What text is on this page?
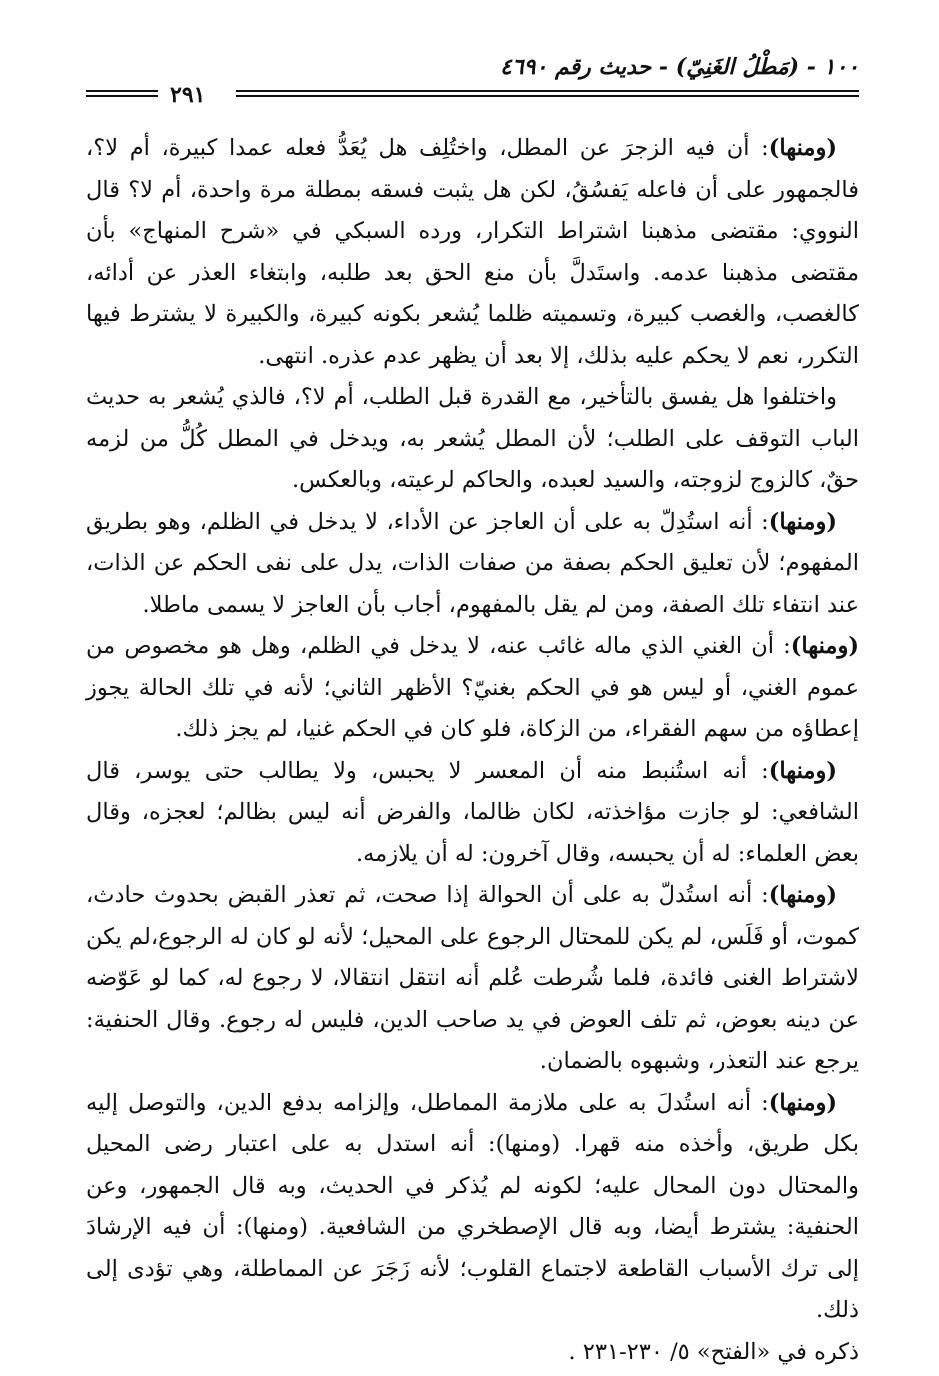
١٠٠ - (مَطْلُ الغَنِيّ) - حديث رقم ٤٦٩٠
٢٩١

(ومنها): أن فيه الزجرَ عن المطل، واختُلِف هل يُعَدُّ فعله عمدا كبيرة، أم لا؟، فالجمهور على أن فاعله يَفسُقُ، لكن هل يثبت فسقه بمطلة مرة واحدة، أم لا؟ قال النووي: مقتضى مذهبنا اشتراط التكرار، ورده السبكي في «شرح المنهاج» بأن مقتضى مذهبنا عدمه. واستَدلَّ بأن منع الحق بعد طلبه، وابتغاء العذر عن أدائه، كالغصب، والغصب كبيرة، وتسميته ظلما يُشعر بكونه كبيرة، والكبيرة لا يشترط فيها التكرر، نعم لا يحكم عليه بذلك، إلا بعد أن يظهر عدم عذره. انتهى.

واختلفوا هل يفسق بالتأخير، مع القدرة قبل الطلب، أم لا؟، فالذي يُشعر به حديث الباب التوقف على الطلب؛ لأن المطل يُشعر به، ويدخل في المطل كُلُّ من لزمه حقٌ، كالزوج لزوجته، والسيد لعبده، والحاكم لرعيته، وبالعكس.

(ومنها): أنه استُدِلّ به على أن العاجز عن الأداء، لا يدخل في الظلم، وهو بطريق المفهوم؛ لأن تعليق الحكم بصفة من صفات الذات، يدل على نفى الحكم عن الذات، عند انتفاء تلك الصفة، ومن لم يقل بالمفهوم، أجاب بأن العاجز لا يسمى ماطلا.

(ومنها): أن الغني الذي ماله غائب عنه، لا يدخل في الظلم، وهل هو مخصوص من عموم الغني، أو ليس هو في الحكم بغنيّ؟ الأظهر الثاني؛ لأنه في تلك الحالة يجوز إعطاؤه من سهم الفقراء، من الزكاة، فلو كان في الحكم غنيا، لم يجز ذلك.

(ومنها): أنه استُنبط منه أن المعسر لا يحبس، ولا يطالب حتى يوسر، قال الشافعي: لو جازت مؤاخذته، لكان ظالما، والفرض أنه ليس بظالم؛ لعجزه، وقال بعض العلماء: له أن يحبسه، وقال آخرون: له أن يلازمه.

(ومنها): أنه استُدلّ به على أن الحوالة إذا صحت، ثم تعذر القبض بحدوث حادث، كموت، أو فَلَس، لم يكن للمحتال الرجوع على المحيل؛ لأنه لو كان له الرجوع،لم يكن لاشتراط الغنى فائدة، فلما شُرطت عُلم أنه انتقل انتقالا، لا رجوع له، كما لو عَوّضه عن دينه بعوض، ثم تلف العوض في يد صاحب الدين، فليس له رجوع. وقال الحنفية: يرجع عند التعذر، وشبهوه بالضمان.

(ومنها): أنه استُدلَ به على ملازمة المماطل، وإلزامه بدفع الدين، والتوصل إليه بكل طريق، وأخذه منه قهرا. (ومنها): أنه استدل به على اعتبار رضى المحيل والمحتال دون المحال عليه؛ لكونه لم يُذكر في الحديث، وبه قال الجمهور، وعن الحنفية: يشترط أيضا، وبه قال الإصطخري من الشافعية. (ومنها): أن فيه الإرشادَ إلى ترك الأسباب القاطعة لاجتماع القلوب؛ لأنه زَجَرَ عن المماطلة، وهي تؤدى إلى ذلك.

ذكره في «الفتح» ٥/ ٢٣٠-٢٣١ .
